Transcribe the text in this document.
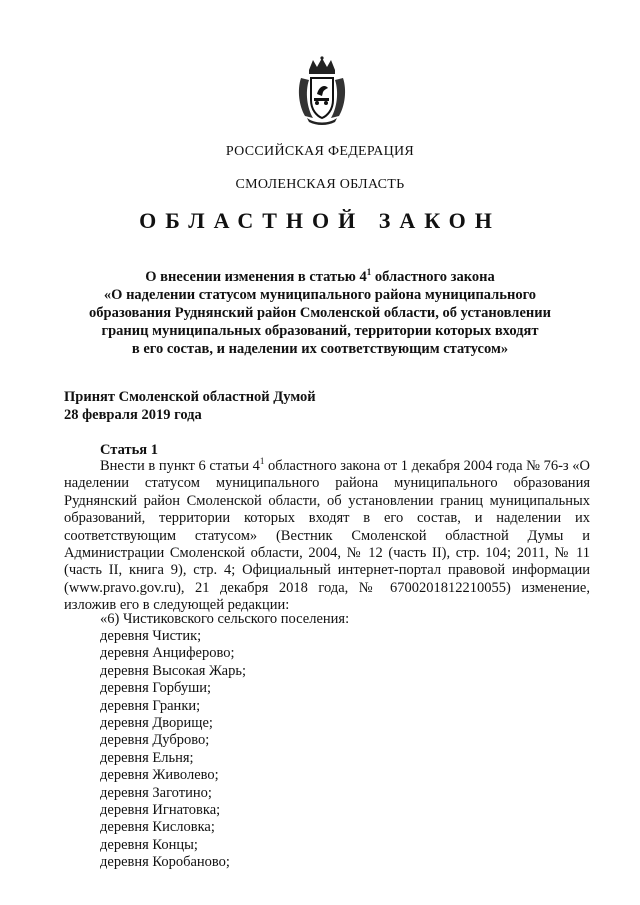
РОССИЙСКАЯ ФЕДЕРАЦИЯ
СМОЛЕНСКАЯ ОБЛАСТЬ
ОБЛАСТНОЙ ЗАКОН
О внесении изменения в статью $4^1$ областного закона
«О наделении статусом муниципального района муниципального
образования Руднянский район Смоленской области, об установлении
границ муниципальных образований, территории которых входят
в его состав, и наделении их соответствующим статусом»
Принят Смоленской областной Думой
28 февраля 2019 года
Статья 1

Внести в пункт 6 статьи $4^1$ областного закона от 1 декабря 2004 года № 76-з «О наделении статусом муниципального района муниципального образования Руднянский район Смоленской области, об установлении границ муниципальных образований, территории которых входят в его состав, и наделении их соответствующим статусом» (Вестник Смоленской областной Думы и Администрации Смоленской области, 2004, № 12 (часть II), стр. 104; 2011, № 11 (часть II, книга 9), стр. 4; Официальный интернет-портал правовой информации (www.pravo.gov.ru), 21 декабря 2018 года, № 6700201812210055) изменение, изложив его в следующей редакции:

«6) Чистиковского сельского поселения:
деревня Чистик;
деревня Анциферово;
деревня Высокая Жарь;
деревня Горбуши;
деревня Гранки;
деревня Дворище;
деревня Дуброво;
деревня Ельня;
деревня Живолево;
деревня Заготино;
деревня Игнатовка;
деревня Кисловка;
деревня Концы;
деревня Коробаново;
